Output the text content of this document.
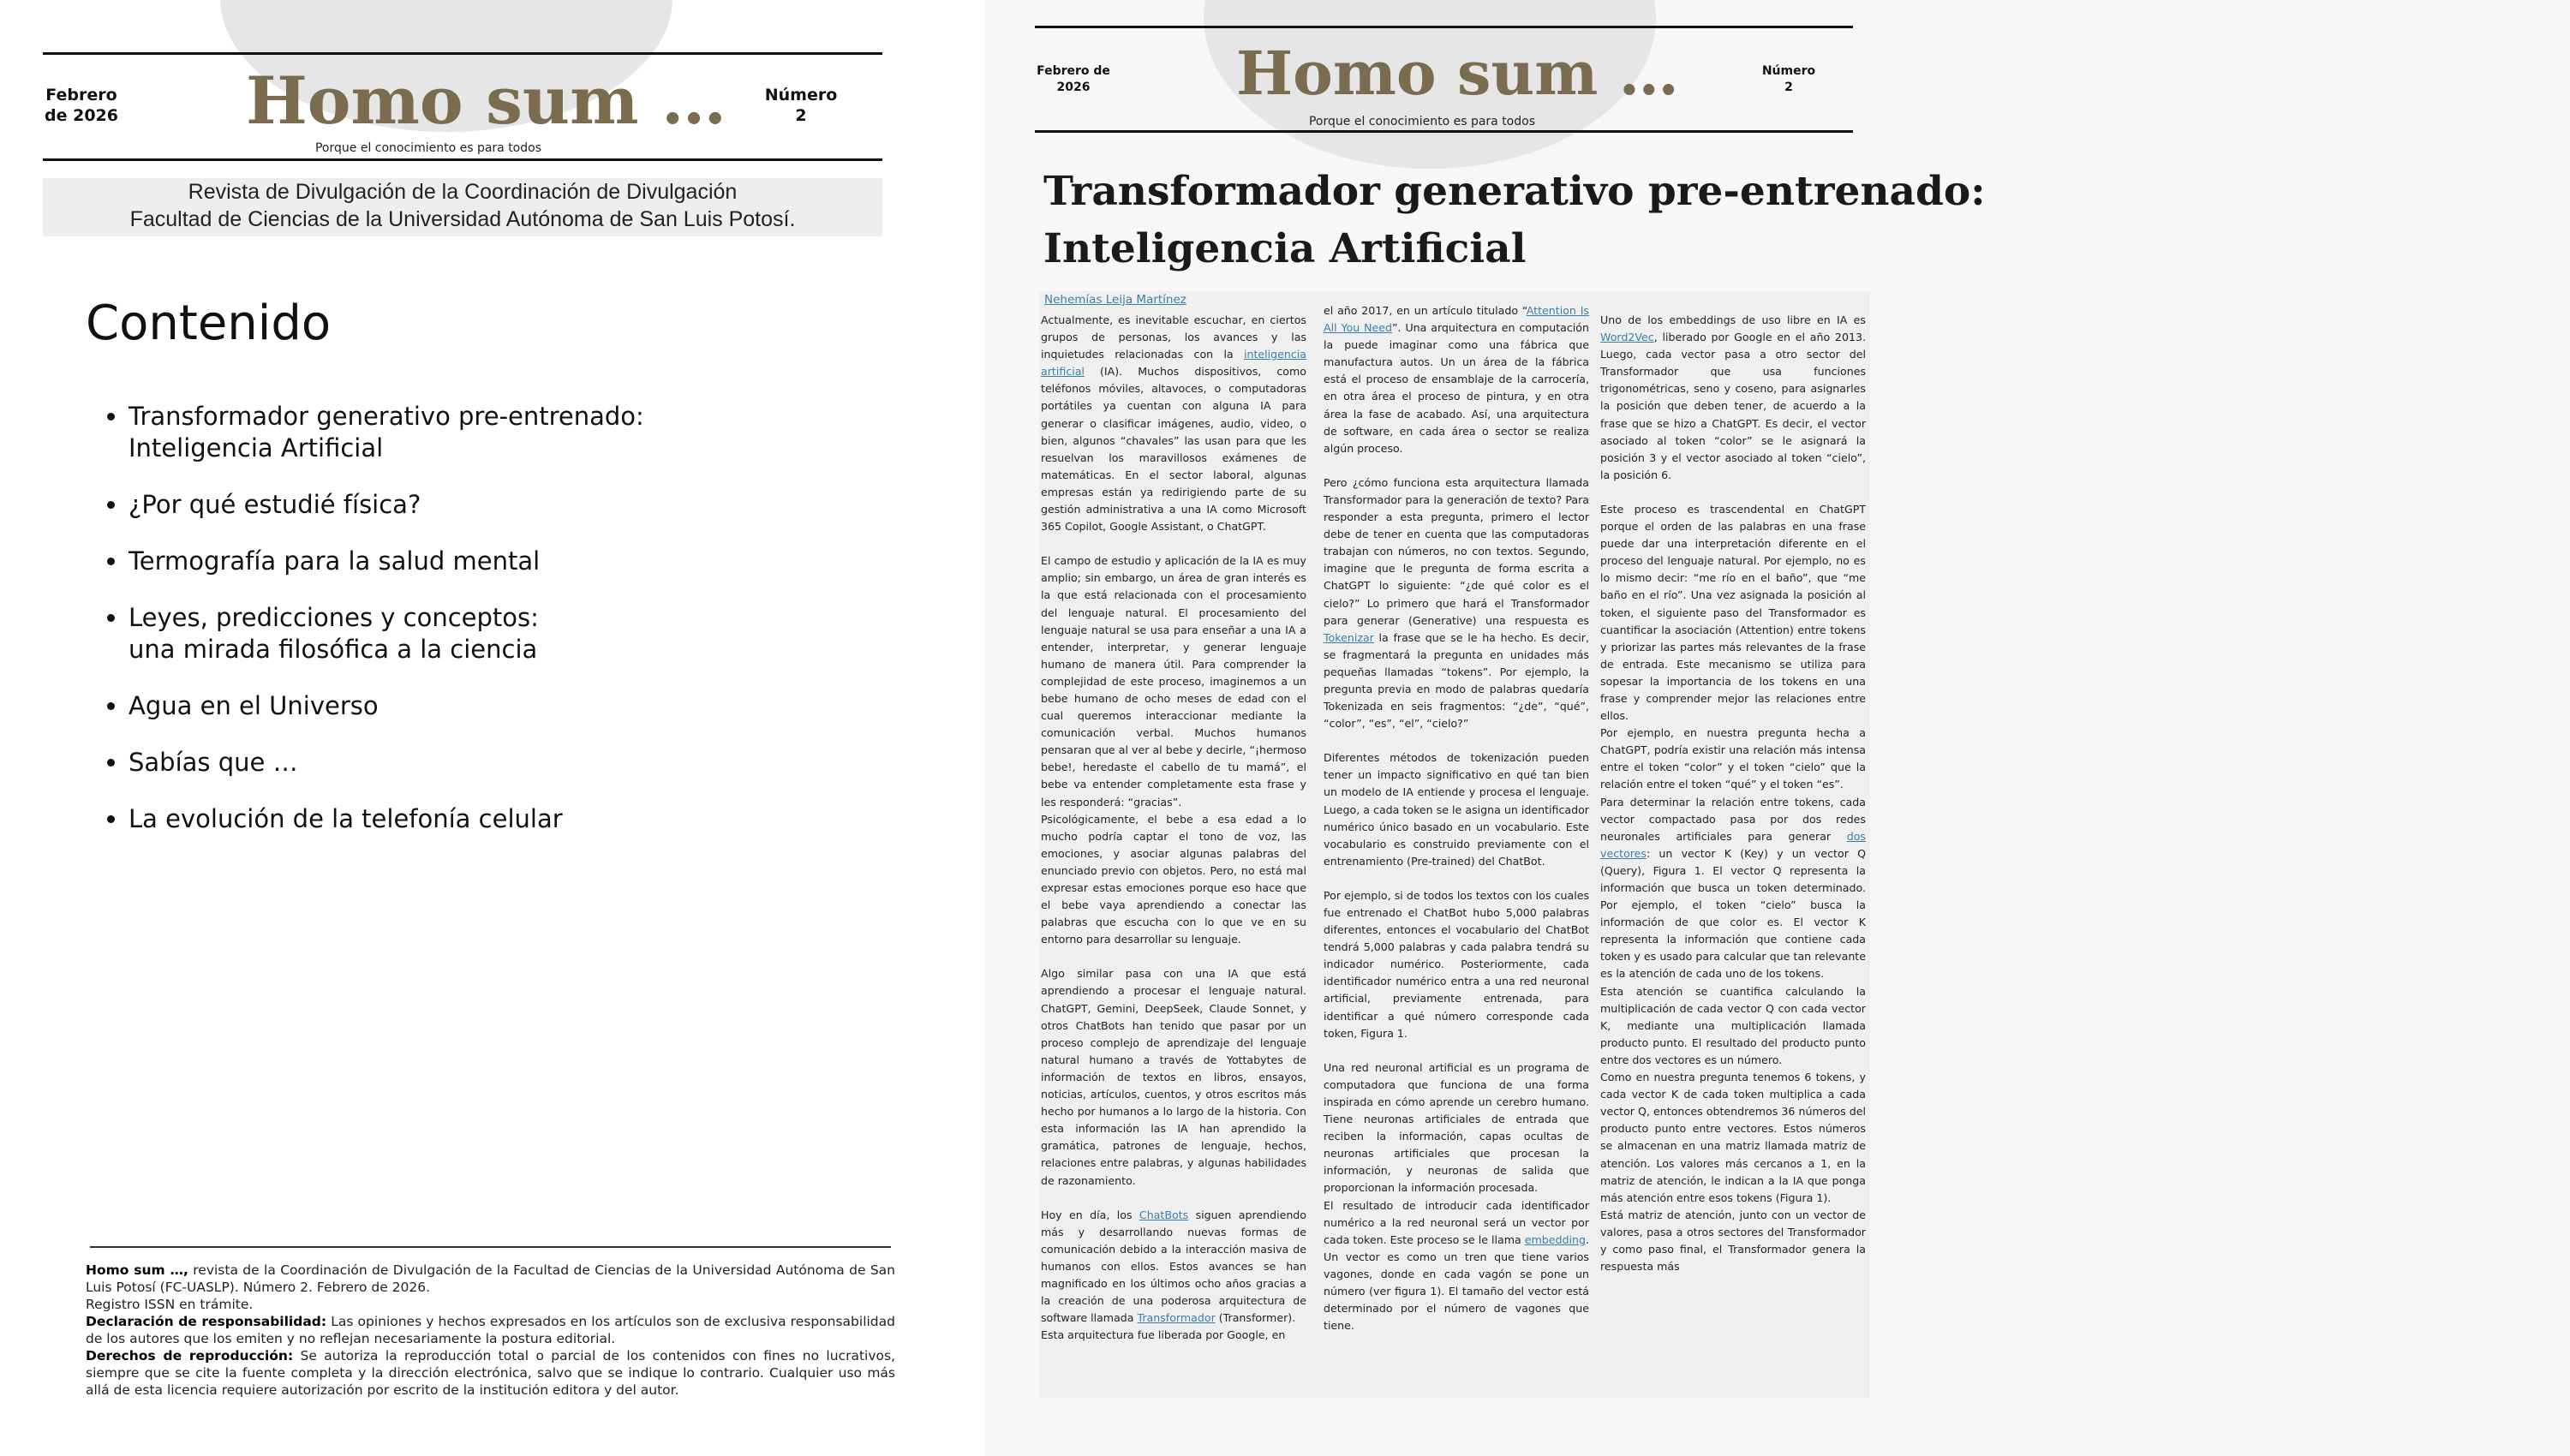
Febrero
de 2026 Homo sum …	Número
2
Porque el conocimiento es para todos
Revista de Divulgación de la Coordinación de Divulgación
Facultad de Ciencias de la Universidad Autónoma de San Luis Potosí.
Contenido
• Transformador generativo pre-entrenado:
Inteligencia Artificial
• ¿Por qué estudié física?
• Termografía para la salud mental
• Leyes, predicciones y conceptos:
una mirada filosófica a la ciencia
• Agua en el Universo
• Sabías que …
• La evolución de la telefonía celular

Homo sum …, revista de la Coordinación de Divulgación de la Facultad de Ciencias de la Universidad Autónoma de San Luis Potosí (FC-UASLP). Número 2. Febrero de 2026.

Registro ISSN en trámite.

Declaración de responsabilidad: Las opiniones y hechos expresados en los artículos son de exclusiva responsabilidad de los autores que los emiten y no reflejan necesariamente la postura editorial.

Derechos de reproducción: Se autoriza la reproducción total o parcial de los contenidos con fines no lucrativos, siempre que se cite la fuente completa y la dirección electrónica, salvo que se indique lo contrario. Cualquier uso más allá de esta licencia requiere autorización por escrito de la institución editora y del autor.

Febrero de
2026	Homo sum …	Número
2
Porque el conocimiento es para todos
Transformador generativo pre-entrenado:
Inteligencia Artificial
Nehemías Leija Martínez

Actualmente, es inevitable escuchar, en ciertos grupos de personas, los avances y las inquietudes relacionadas con la inteligencia artificial (IA). Muchos dispositivos, como teléfonos móviles, altavoces, o computadoras portátiles ya cuentan con alguna IA para generar o clasificar imágenes, audio, video, o bien, algunos “chavales” las usan para que les resuelvan los maravillosos exámenes de matemáticas. En el sector laboral, algunas empresas están ya redirigiendo parte de su gestión administrativa a una IA como Microsoft 365 Copilot, Google Assistant, o ChatGPT.

El campo de estudio y aplicación de la IA es muy amplio; sin embargo, un área de gran interés es la que está relacionada con el procesamiento del lenguaje natural. El procesamiento del lenguaje natural se usa para enseñar a una IA a entender, interpretar, y generar lenguaje humano de manera útil. Para comprender la complejidad de este proceso, imaginemos a un bebe humano de ocho meses de edad con el cual queremos interaccionar mediante la comunicación verbal. Muchos humanos pensaran que al ver al bebe y decirle, “¡hermoso bebe!, heredaste el cabello de tu mamá”, el bebe va entender completamente esta frase y les responderá: “gracias”.

Psicológicamente, el bebe a esa edad a lo mucho podría captar el tono de voz, las emociones, y asociar algunas palabras del enunciado previo con objetos. Pero, no está mal expresar estas emociones porque eso hace que el bebe vaya aprendiendo a conectar las palabras que escucha con lo que ve en su entorno para desarrollar su lenguaje.

Algo similar pasa con una IA que está aprendiendo a procesar el lenguaje natural. ChatGPT, Gemini, DeepSeek, Claude Sonnet, y otros ChatBots han tenido que pasar por un proceso complejo de aprendizaje del lenguaje natural humano a través de Yottabytes de información de textos en libros, ensayos, noticias, artículos, cuentos, y otros escritos más hecho por humanos a lo largo de la historia. Con esta información las IA han aprendido la gramática, patrones de lenguaje, hechos, relaciones entre palabras, y algunas habilidades de razonamiento.

Hoy en día, los ChatBots siguen aprendiendo más y desarrollando nuevas formas de comunicación debido a la interacción masiva de humanos con ellos. Estos avances se han magnificado en los últimos ocho años gracias a la creación de una poderosa arquitectura de software llamada Transformador (Transformer).

Esta arquitectura fue liberada por Google, en

el año 2017, en un artículo titulado “Attention Is All You Need”. Una arquitectura en computación la puede imaginar como una fábrica que manufactura autos. Un un área de la fábrica está el proceso de ensamblaje de la carrocería, en otra área el proceso de pintura, y en otra área la fase de acabado. Así, una arquitectura de software, en cada área o sector se realiza algún proceso.

Pero ¿cómo funciona esta arquitectura llamada Transformador para la generación de texto? Para responder a esta pregunta, primero el lector debe de tener en cuenta que las computadoras trabajan con números, no con textos. Segundo, imagine que le pregunta de forma escrita a ChatGPT lo siguiente: “¿de qué color es el cielo?” Lo primero que hará el Transformador para generar (Generative) una respuesta es Tokenizar la frase que se le ha hecho. Es decir, se fragmentará la pregunta en unidades más pequeñas llamadas “tokens”. Por ejemplo, la pregunta previa en modo de palabras quedaría Tokenizada en seis fragmentos: “¿de”, “qué”, “color”, “es”, “el”, “cielo?”

Diferentes métodos de tokenización pueden tener un impacto significativo en qué tan bien un modelo de IA entiende y procesa el lenguaje. Luego, a cada token se le asigna un identificador numérico único basado en un vocabulario. Este vocabulario es construido previamente con el entrenamiento (Pre-trained) del ChatBot.

Por ejemplo, si de todos los textos con los cuales fue entrenado el ChatBot hubo 5,000 palabras diferentes, entonces el vocabulario del ChatBot tendrá 5,000 palabras y cada palabra tendrá su indicador numérico. Posteriormente, cada identificador numérico entra a una red neuronal artificial, previamente entrenada, para identificar a qué número corresponde cada token, Figura 1.

Una red neuronal artificial es un programa de computadora que funciona de una forma inspirada en cómo aprende un cerebro humano. Tiene neuronas artificiales de entrada que reciben la información, capas ocultas de neuronas artificiales que procesan la información, y neuronas de salida que proporcionan la información procesada.

El resultado de introducir cada identificador numérico a la red neuronal será un vector por cada token. Este proceso se le llama embedding. Un vector es como un tren que tiene varios vagones, donde en cada vagón se pone un número (ver figura 1). El tamaño del vector está determinado por el número de vagones que tiene.

Uno de los embeddings de uso libre en IA es Word2Vec, liberado por Google en el año 2013. Luego, cada vector pasa a otro sector del Transformador que usa funciones trigonométricas, seno y coseno, para asignarles la posición que deben tener, de acuerdo a la frase que se hizo a ChatGPT. Es decir, el vector asociado al token “color” se le asignará la posición 3 y el vector asociado al token “cielo”, la posición 6.

Este proceso es trascendental en ChatGPT porque el orden de las palabras en una frase puede dar una interpretación diferente en el proceso del lenguaje natural. Por ejemplo, no es lo mismo decir: “me río en el baño”, que “me baño en el río”. Una vez asignada la posición al token, el siguiente paso del Transformador es cuantificar la asociación (Attention) entre tokens y priorizar las partes más relevantes de la frase de entrada. Este mecanismo se utiliza para sopesar la importancia de los tokens en una frase y comprender mejor las relaciones entre ellos.

Por ejemplo, en nuestra pregunta hecha a ChatGPT, podría existir una relación más intensa entre el token “color” y el token “cielo” que la relación entre el token “qué” y el token “es”.

Para determinar la relación entre tokens, cada vector compactado pasa por dos redes neuronales artificiales para generar dos vectores: un vector K (Key) y un vector Q (Query), Figura 1. El vector Q representa la información que busca un token determinado. Por ejemplo, el token “cielo” busca la información de que color es. El vector K representa la información que contiene cada token y es usado para calcular que tan relevante es la atención de cada uno de los tokens.

Esta atención se cuantifica calculando la multiplicación de cada vector Q con cada vector K, mediante una multiplicación llamada producto punto. El resultado del producto punto entre dos vectores es un número.

Como en nuestra pregunta tenemos 6 tokens, y cada vector K de cada token multiplica a cada vector Q, entonces obtendremos 36 números del producto punto entre vectores. Estos números se almacenan en una matriz llamada matriz de atención. Los valores más cercanos a 1, en la matriz de atención, le indican a la IA que ponga más atención entre esos tokens (Figura 1).

Está matriz de atención, junto con un vector de valores, pasa a otros sectores del Transformador y como paso final, el Transformador genera la respuesta más
